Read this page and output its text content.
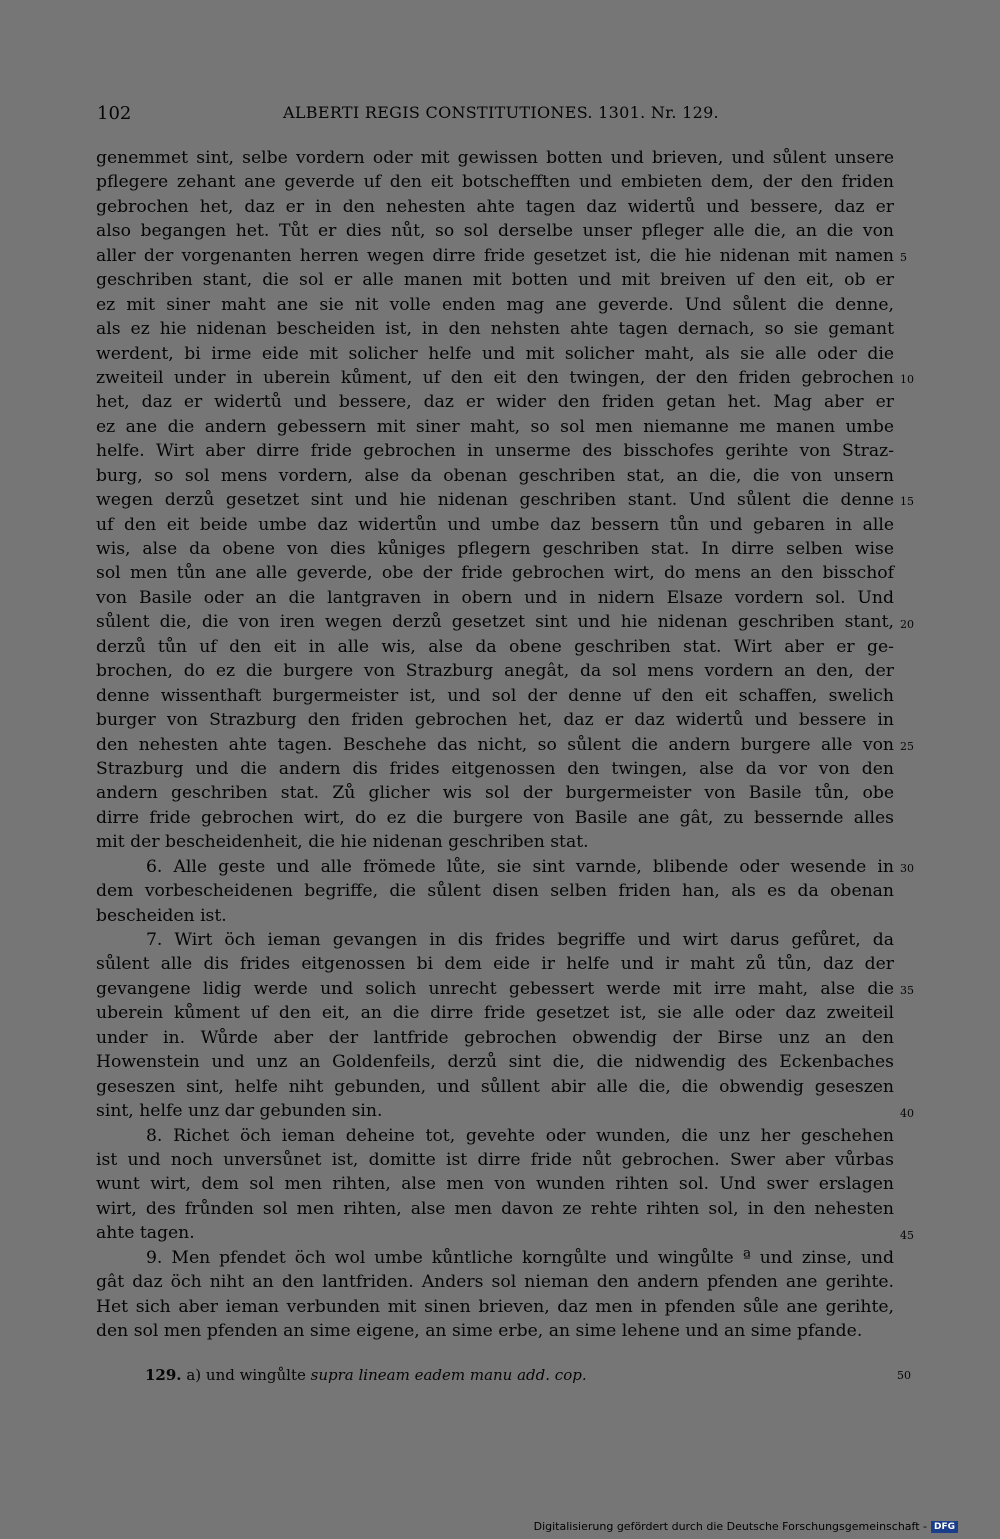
102	ALBERTI REGIS CONSTITUTIONES. 1301. Nr. 129.
genemmet sint, selbe vordern oder mit gewissen botten und brieven, und sůlent unsere
pflegere zehant ane geverde uf den eit botschefften und embieten dem, der den friden
gebrochen het, daz er in den nehesten ahte tagen daz widertů und bessere, daz er
also begangen het. Tůt er dies nůt, so sol derselbe unser pfleger alle die, an die von
aller der vorgenanten herren wegen dirre fride gesetzet ist, die hie nidenan mit namen
geschriben stant, die sol er alle manen mit botten und mit breiven uf den eit, ob er
ez mit siner maht ane sie nit volle enden mag ane geverde. Und sůlent die denne,
als ez hie nidenan bescheiden ist, in den nehsten ahte tagen dernach, so sie gemant
werdent, bi irme eide mit solicher helfe und mit solicher maht, als sie alle oder die
zweiteil under in uberein kůment, uf den eit den twingen, der den friden gebrochen
het, daz er widertů und bessere, daz er wider den friden getan het. Mag aber er
ez ane die andern gebessern mit siner maht, so sol men niemanne me manen umbe
helfe. Wirt aber dirre fride gebrochen in unserme des bisschofes gerihte von Straz-
burg, so sol mens vordern, alse da obenan geschriben stat, an die, die von unsern
wegen derzů gesetzet sint und hie nidenan geschriben stant. Und sůlent die denne
uf den eit beide umbe daz widertůn und umbe daz bessern tůn und gebaren in alle
wis, alse da obene von dies kůniges pflegern geschriben stat. In dirre selben wise
sol men tůn ane alle geverde, obe der fride gebrochen wirt, do mens an den bisschof
von Basile oder an die lantgraven in obern und in nidern Elsaze vordern sol. Und
sůlent die, die von iren wegen derzů gesetzet sint und hie nidenan geschriben stant,
derzů tůn uf den eit in alle wis, alse da obene geschriben stat. Wirt aber er ge-
brochen, do ez die burgere von Strazburg anegât, da sol mens vordern an den, der
denne wissenthaft burgermeister ist, und sol der denne uf den eit schaffen, swelich
burger von Strazburg den friden gebrochen het, daz er daz widertů und bessere in
den nehesten ahte tagen. Beschehe das nicht, so sůlent die andern burgere alle von
Strazburg und die andern dis frides eitgenossen den twingen, alse da vor von den
andern geschriben stat. Zů glicher wis sol der burgermeister von Basile tůn, obe
dirre fride gebrochen wirt, do ez die burgere von Basile ane gât, zu bessernde alles
mit der bescheidenheit, die hie nidenan geschriben stat.
6. Alle geste und alle frömede lůte, sie sint varnde, blibende oder wesende in
dem vorbescheidenen begriffe, die sůlent disen selben friden han, als es da obenan
bescheiden ist.
7. Wirt öch ieman gevangen in dis frides begriffe und wirt darus gefůret, da
sůlent alle dis frides eitgenossen bi dem eide ir helfe und ir maht zů tůn, daz der
gevangene lidig werde und solich unrecht gebessert werde mit irre maht, alse die
uberein kůment uf den eit, an die dirre fride gesetzet ist, sie alle oder daz zweiteil
under in. Wůrde aber der lantfride gebrochen obwendig der Birse unz an den
Howenstein und unz an Goldenfeils, derzů sint die, die nidwendig des Eckenbaches
geseszen sint, helfe niht gebunden, und sůllent abir alle die, die obwendig geseszen
sint, helfe unz dar gebunden sin.
8. Richet öch ieman deheine tot, gevehte oder wunden, die unz her geschehen
ist und noch unversůnet ist, domitte ist dirre fride nůt gebrochen. Swer aber vůrbas
wunt wirt, dem sol men rihten, alse men von wunden rihten sol. Und swer erslagen
wirt, des frůnden sol men rihten, alse men davon ze rehte rihten sol, in den nehesten
ahte tagen.
9. Men pfendet öch wol umbe kůntliche korngůlte und wingůlte ª und zinse, und
gât daz öch niht an den lantfriden. Anders sol nieman den andern pfenden ane gerihte.
Het sich aber ieman verbunden mit sinen brieven, daz men in pfenden sůle ane gerihte,
den sol men pfenden an sime eigene, an sime erbe, an sime lehene und an sime pfande.
5
10
15
20
25
30
35
40
45
129. a) und wingůlte supra lineam eadem manu add. cop.	50
Digitalisierung gefördert durch die Deutsche Forschungsgemeinschaft - DFG
